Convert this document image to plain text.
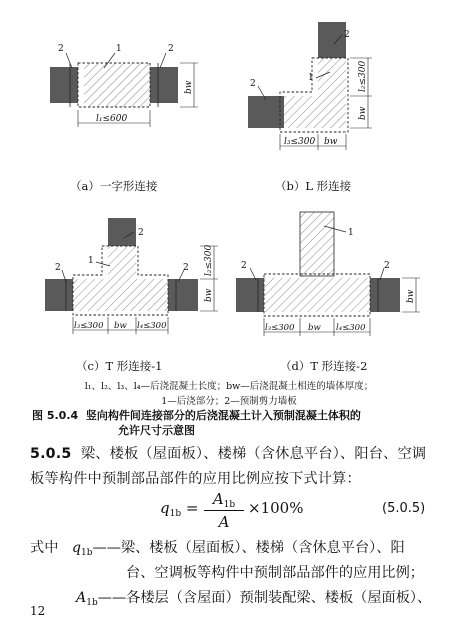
1
2	2
l₁≤600
bw
2
1
2	l₂≤300
bw
l₃≤300 bw
2
1
2	2 l₂≤300
bw
l₃≤300 bw l₄≤300
1
2	2
bw
l₃≤300 bw l₄≤300
（a）一字形连接	（b）L 形连接
（c）T 形连接-1	（d）T 形连接-2
l₁、l₂、l₃、l₄—后浇混凝土长度；bw—后浇混凝土相连的墙体厚度；
1—后浇部分；2—预制剪力墙板
图 5.0.4 竖向构件间连接部分的后浇混凝土计入预制混凝土体积的
允许尺寸示意图
5.0.5 梁、楼板（屋面板）、楼梯（含休息平台）、阳台、空调
板等构件中预制部品部件的应用比例应按下式计算：
$q_{1b} = A_{1b}$
A
×100%	(5.0.5)
式中 $q_{1b}——$梁、楼板（屋面板）、楼梯（含休息平台）、阳
台、空调板等构件中预制部品部件的应用比例；
$A_{1b}——$各楼层（含屋面）预制装配梁、楼板（屋面板）、
12
